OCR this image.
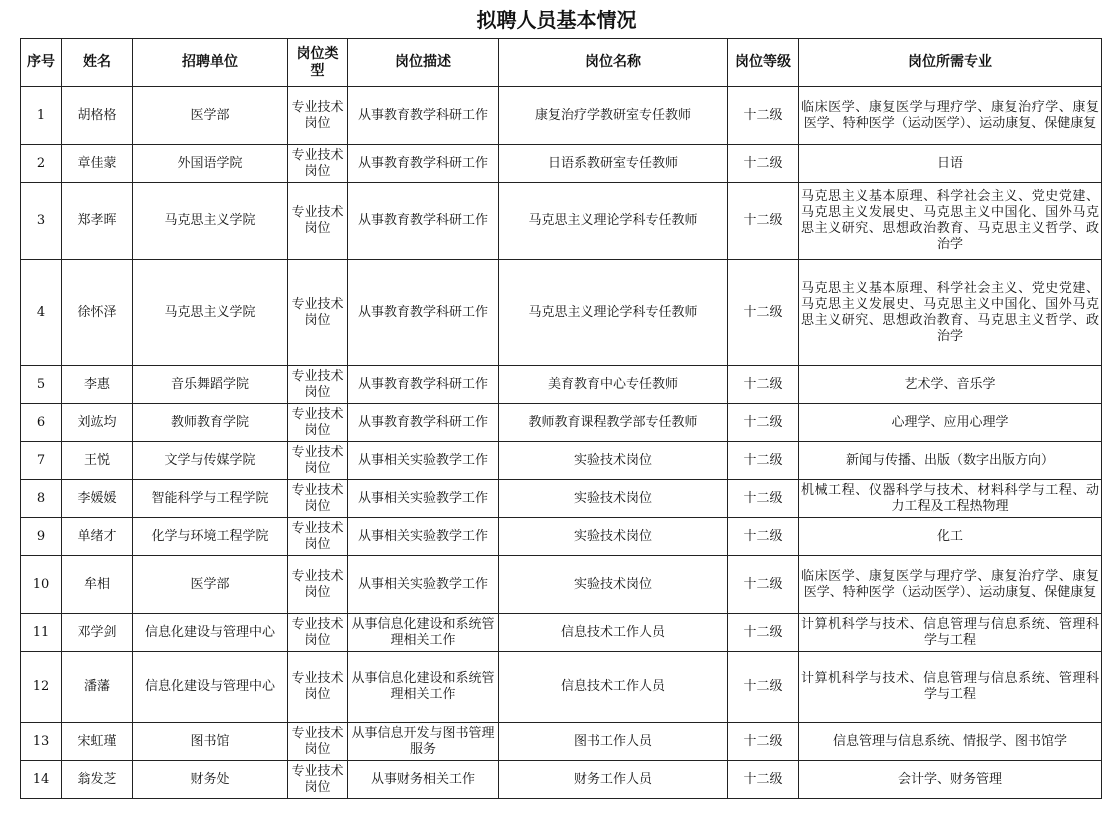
拟聘人员基本情况
序号	姓名	招聘单位	岗位类型	岗位描述	岗位名称	岗位等级	岗位所需专业
1	胡格格	医学部	专业技术岗位	从事教育教学科研工作	康复治疗学教研室专任教师	十二级	临床医学、康复医学与理疗学、康复治疗学、康复医学、特种医学（运动医学）、运动康复、保健康复
2	章佳蒙	外国语学院	专业技术岗位	从事教育教学科研工作	日语系教研室专任教师	十二级	日语
3	郑孝晖	马克思主义学院	专业技术岗位	从事教育教学科研工作	马克思主义理论学科专任教师	十二级	马克思主义基本原理、科学社会主义、党史党建、马克思主义发展史、马克思主义中国化、国外马克思主义研究、思想政治教育、马克思主义哲学、政治学
4	徐怀泽	马克思主义学院	专业技术岗位	从事教育教学科研工作	马克思主义理论学科专任教师	十二级	马克思主义基本原理、科学社会主义、党史党建、马克思主义发展史、马克思主义中国化、国外马克思主义研究、思想政治教育、马克思主义哲学、政治学
5	李惠	音乐舞蹈学院	专业技术岗位	从事教育教学科研工作	美育教育中心专任教师	十二级	艺术学、音乐学
6	刘竑均	教师教育学院	专业技术岗位	从事教育教学科研工作	教师教育课程教学部专任教师	十二级	心理学、应用心理学
7	王悦	文学与传媒学院	专业技术岗位	从事相关实验教学工作	实验技术岗位	十二级	新闻与传播、出版（数字出版方向）
8	李媛媛	智能科学与工程学院	专业技术岗位	从事相关实验教学工作	实验技术岗位	十二级	机械工程、仪器科学与技术、材料科学与工程、动力工程及工程热物理
9	单绪才	化学与环境工程学院	专业技术岗位	从事相关实验教学工作	实验技术岗位	十二级	化工
10	牟相	医学部	专业技术岗位	从事相关实验教学工作	实验技术岗位	十二级	临床医学、康复医学与理疗学、康复治疗学、康复医学、特种医学（运动医学）、运动康复、保健康复
11	邓学剑	信息化建设与管理中心	专业技术岗位	从事信息化建设和系统管理相关工作	信息技术工作人员	十二级	计算机科学与技术、信息管理与信息系统、管理科学与工程
12	潘藩	信息化建设与管理中心	专业技术岗位	从事信息化建设和系统管理相关工作	信息技术工作人员	十二级	计算机科学与技术、信息管理与信息系统、管理科学与工程
13	宋虹瑾	图书馆	专业技术岗位	从事信息开发与图书管理服务	图书工作人员	十二级	信息管理与信息系统、情报学、图书馆学
14	翁发芝	财务处	专业技术岗位	从事财务相关工作	财务工作人员	十二级	会计学、财务管理
